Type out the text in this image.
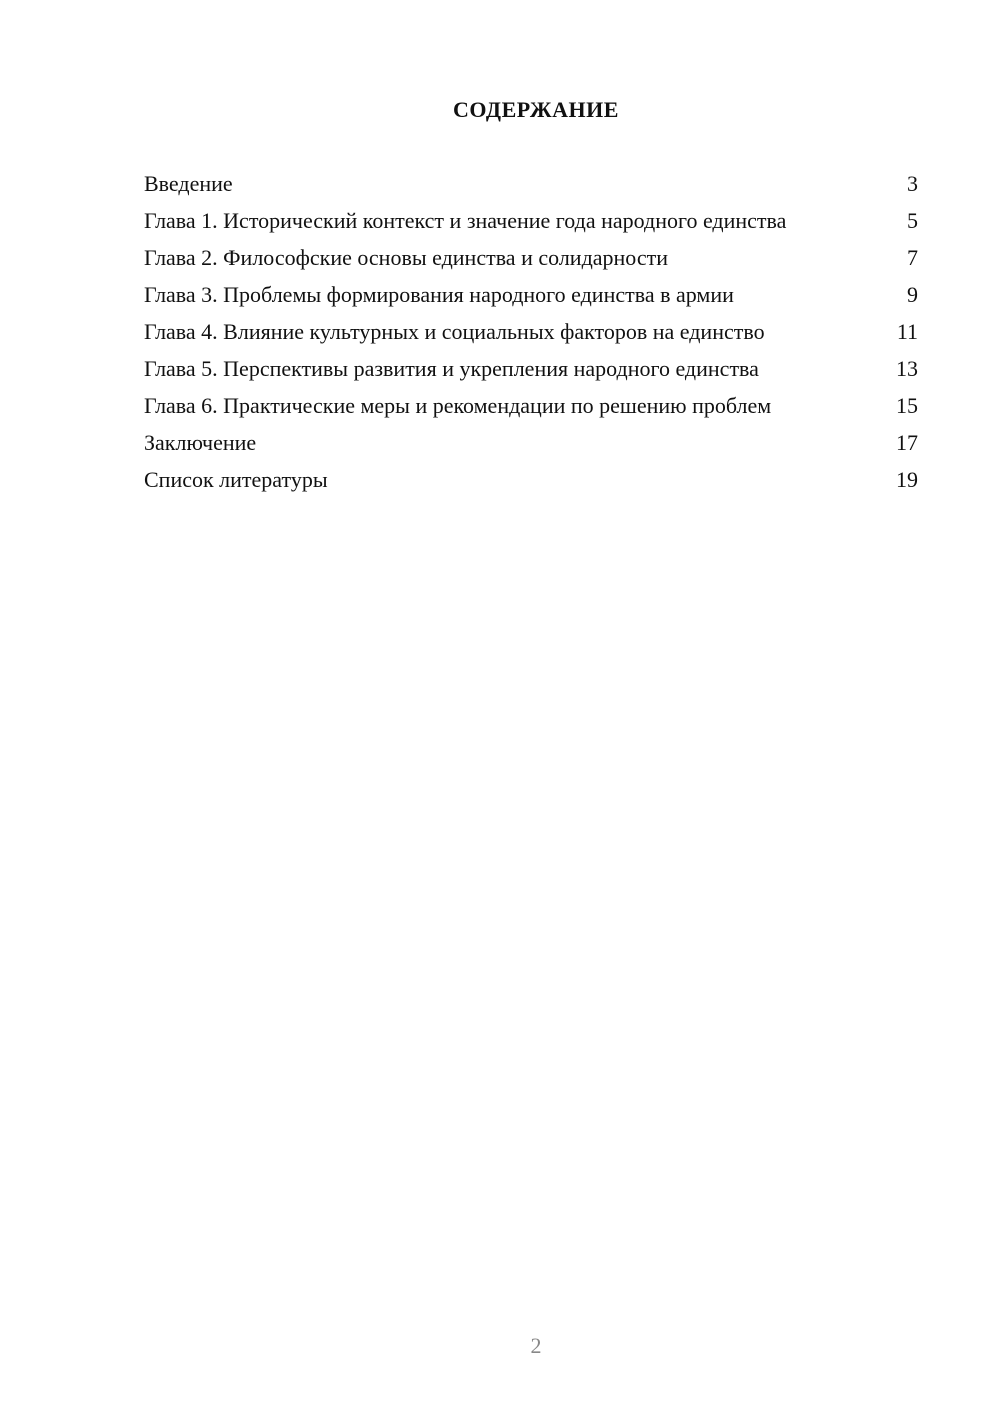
СОДЕРЖАНИЕ
Введение	3
Глава 1. Исторический контекст и значение года народного единства	5
Глава 2. Философские основы единства и солидарности	7
Глава 3. Проблемы формирования народного единства в армии	9
Глава 4. Влияние культурных и социальных факторов на единство	11
Глава 5. Перспективы развития и укрепления народного единства	13
Глава 6. Практические меры и рекомендации по решению проблем	15
Заключение	17
Список литературы	19
2
